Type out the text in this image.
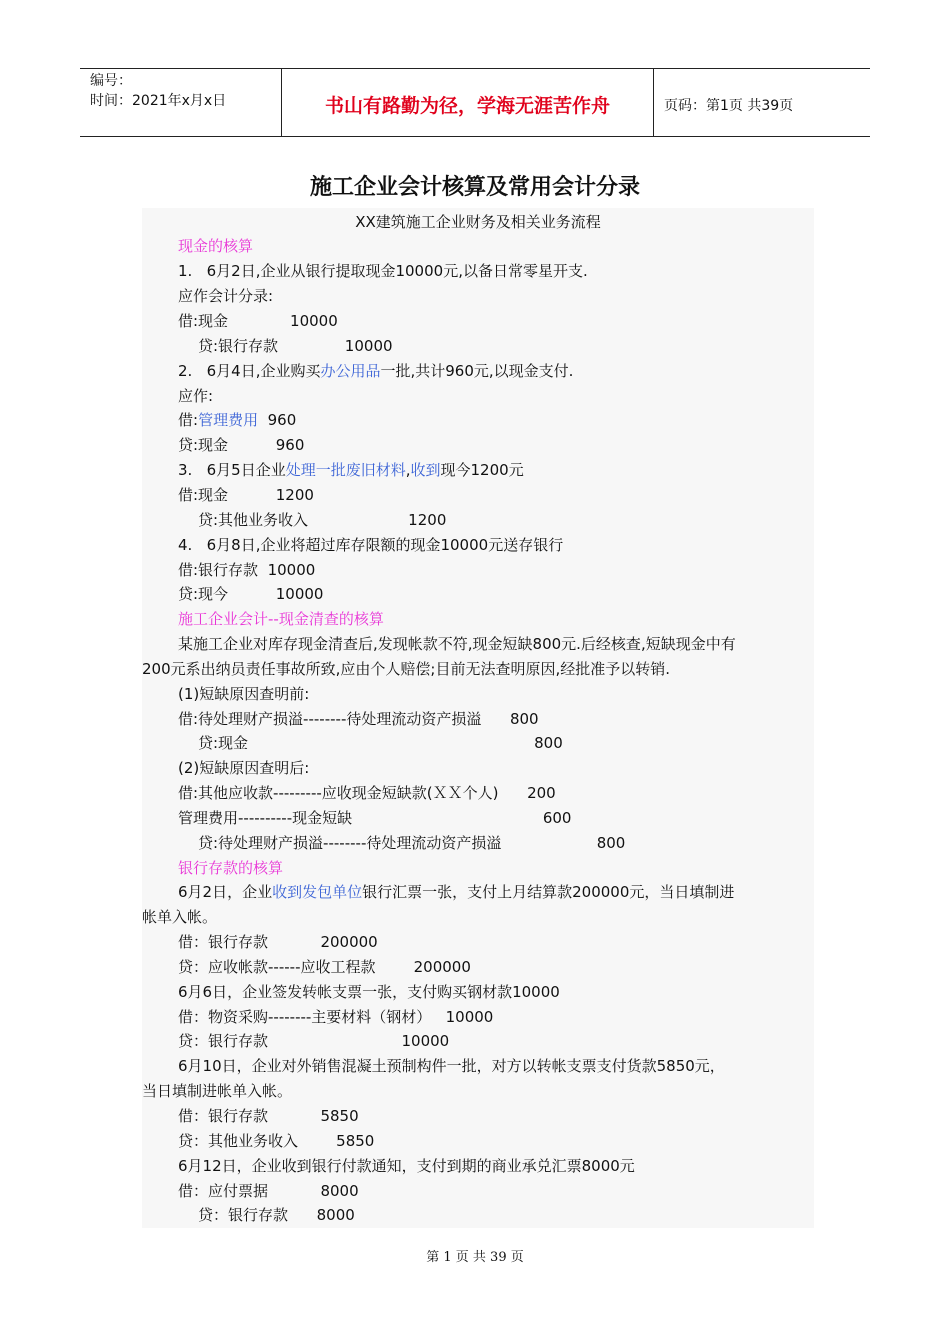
编号：
时间：2021年x月x日	书山有路勤为径，学海无涯苦作舟	页码：第1页 共39页
施工企业会计核算及常用会计分录
XX建筑施工企业财务及相关业务流程
现金的核算
1.   6月2日,企业从银行提取现金10000元,以备日常零星开支.
应作会计分录:
借:现金             10000
贷:银行存款              10000
2.   6月4日,企业购买办公用品一批,共计960元,以现金支付.
应作:
借:管理费用  960
贷:现金          960
3.   6月5日企业处理一批废旧材料,收到现今1200元
借:现金          1200
贷:其他业务收入                     1200
4.   6月8日,企业将超过库存限额的现金10000元送存银行
借:银行存款  10000
贷:现今          10000
施工企业会计--现金清查的核算
某施工企业对库存现金清查后,发现帐款不符,现金短缺800元.后经核查,短缺现金中有
200元系出纳员责任事故所致,应由个人赔偿;目前无法查明原因,经批准予以转销.
(1)短缺原因查明前:
借:待处理财产损溢--------待处理流动资产损溢      800
贷:现金                                                            800
(2)短缺原因查明后:
借:其他应收款---------应收现金短缺款(ＸＸ个人)      200
管理费用----------现金短缺                                        600
贷:待处理财产损溢--------待处理流动资产损溢                    800
银行存款的核算
6月2日，企业收到发包单位银行汇票一张，支付上月结算款200000元，当日填制进
帐单入帐。
借：银行存款           200000
贷：应收帐款------应收工程款        200000
6月6日，企业签发转帐支票一张，支付购买钢材款10000
借：物资采购--------主要材料（钢材）   10000
贷：银行存款                            10000
6月10日，企业对外销售混凝土预制构件一批，对方以转帐支票支付货款5850元，
当日填制进帐单入帐。
借：银行存款           5850
贷：其他业务收入        5850
6月12日，企业收到银行付款通知，支付到期的商业承兑汇票8000元
借：应付票据           8000
贷：银行存款      8000
第 1 页 共 39 页
